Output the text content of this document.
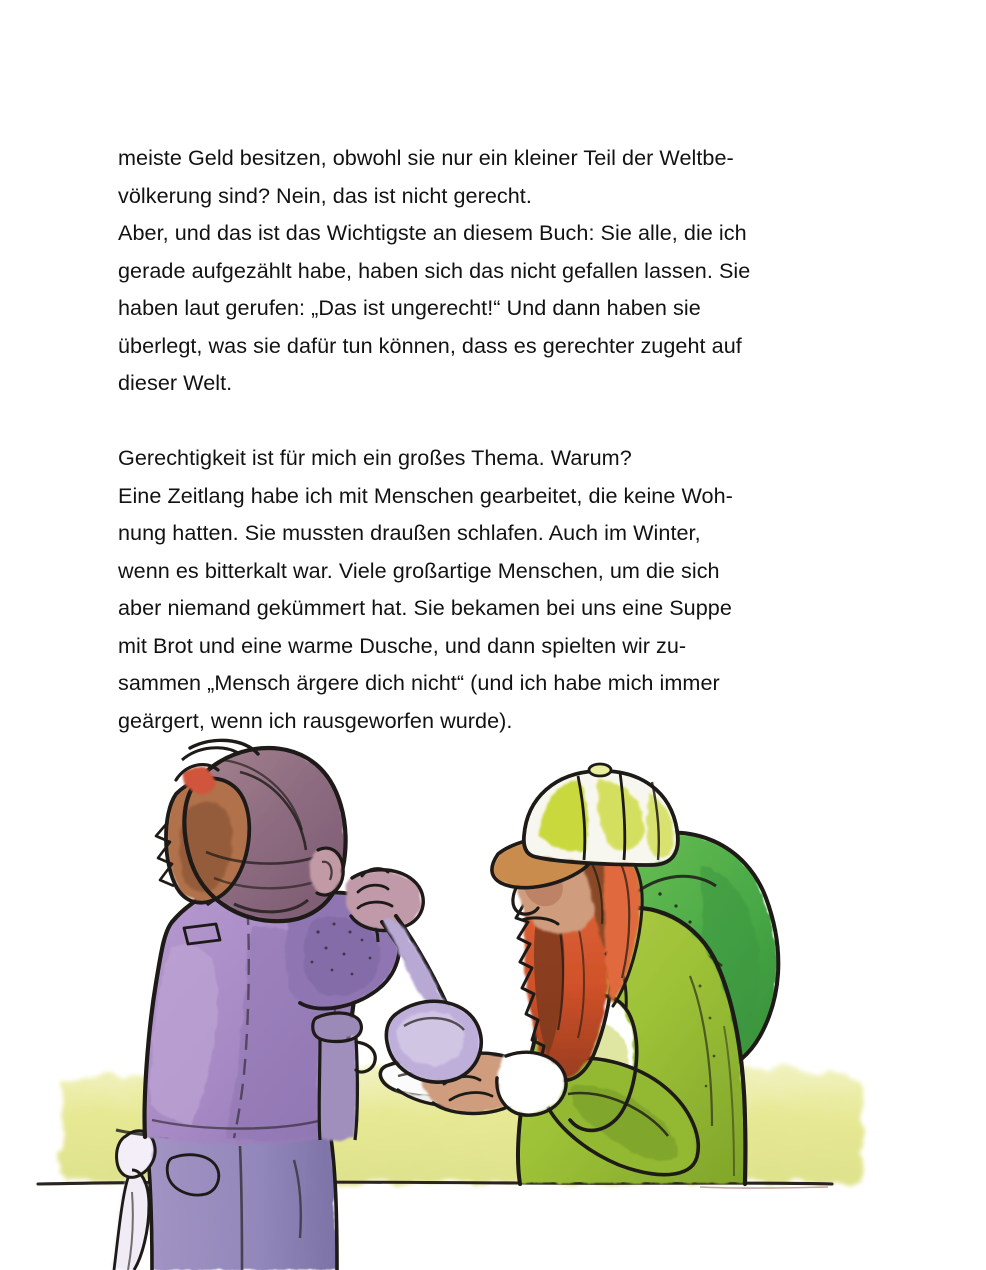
meiste Geld besitzen, obwohl sie nur ein kleiner Teil der Weltbe-
völkerung sind? Nein, das ist nicht gerecht.
Aber, und das ist das Wichtigste an diesem Buch: Sie alle, die ich
gerade aufgezählt habe, haben sich das nicht gefallen lassen. Sie
haben laut gerufen: „Das ist ungerecht!“ Und dann haben sie
überlegt, was sie dafür tun können, dass es gerechter zugeht auf
dieser Welt.

Gerechtigkeit ist für mich ein großes Thema. Warum?
Eine Zeitlang habe ich mit Menschen gearbeitet, die keine Woh-
nung hatten. Sie mussten draußen schlafen. Auch im Winter,
wenn es bitterkalt war. Viele großartige Menschen, um die sich
aber niemand gekümmert hat. Sie bekamen bei uns eine Suppe
mit Brot und eine warme Dusche, und dann spielten wir zu-
sammen „Mensch ärgere dich nicht“ (und ich habe mich immer
geärgert, wenn ich rausgeworfen wurde).
